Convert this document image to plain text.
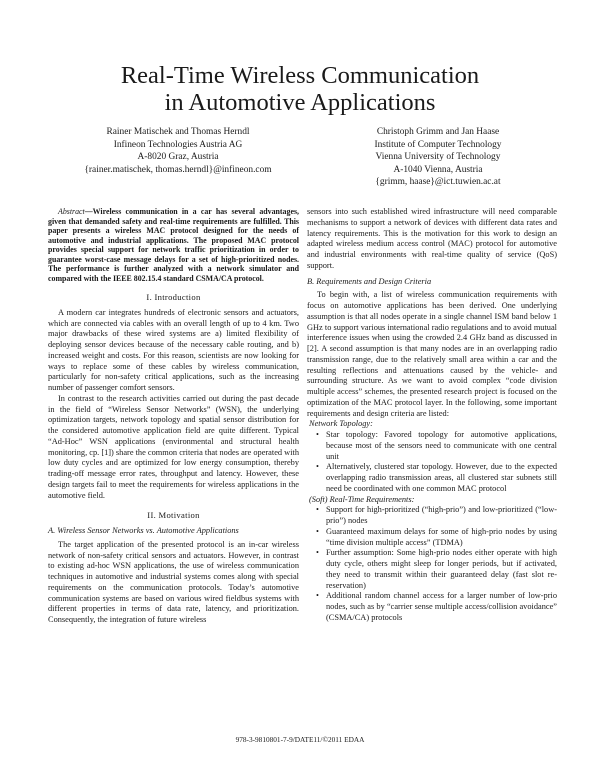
Real-Time Wireless Communication
in Automotive Applications
Rainer Matischek and Thomas Herndl
Infineon Technologies Austria AG
A-8020 Graz, Austria
{rainer.matischek, thomas.herndl}@infineon.com
Christoph Grimm and Jan Haase
Institute of Computer Technology
Vienna University of Technology
A-1040 Vienna, Austria
{grimm, haase}@ict.tuwien.ac.at

Abstract—Wireless communication in a car has several advantages, given that demanded safety and real-time requirements are fulfilled. This paper presents a wireless MAC protocol designed for the needs of automotive and industrial applications. The proposed MAC protocol provides special support for network traffic prioritization in order to guarantee worst-case message delays for a set of high-prioritized nodes. The performance is further analyzed with a network simulator and compared with the IEEE 802.15.4 standard CSMA/CA protocol.

I. Introduction

A modern car integrates hundreds of electronic sensors and actuators, which are connected via cables with an overall length of up to 4 km. Two major drawbacks of these wired systems are a) limited flexibility of deploying sensor devices because of the necessary cable routing, and b) increased weight and costs. For this reason, scientists are now looking for ways to replace some of these cables by wireless communication, particularly for non-safety critical applications, such as the increasing number of passenger comfort sensors.

In contrast to the research activities carried out during the past decade in the field of “Wireless Sensor Networks” (WSN), the underlying optimization targets, network topology and spatial sensor distribution for the considered automotive application field are quite different. Typical “Ad-Hoc” WSN applications (environmental and structural health monitoring, cp. [1]) share the common criteria that nodes are operated with low duty cycles and are optimized for low energy consumption, thereby trading-off message error rates, throughput and latency. However, these design targets fail to meet the requirements for wireless applications in the automotive field.

II. Motivation

A. Wireless Sensor Networks vs. Automotive Applications

The target application of the presented protocol is an in-car wireless network of non-safety critical sensors and actuators. However, in contrast to existing ad-hoc WSN applications, the use of wireless communication techniques in automotive and industrial systems comes along with special requirements on the communication protocols. Today’s automotive communication systems are based on various wired fieldbus systems with different properties in terms of data rate, latency, and prioritization. Consequently, the integration of future wireless

sensors into such established wired infrastructure will need comparable mechanisms to support a network of devices with different data rates and latency requirements. This is the motivation for this work to design an adapted wireless medium access control (MAC) protocol for automotive and industrial environments with real-time quality of service (QoS) support.

B. Requirements and Design Criteria

To begin with, a list of wireless communication requirements with focus on automotive applications has been derived. One underlying assumption is that all nodes operate in a single channel ISM band below 1 GHz to support various international radio regulations and to avoid mutual interference issues when using the crowded 2.4 GHz band as discussed in [2]. A second assumption is that many nodes are in an overlapping radio transmission range, due to the relatively small area within a car and the resulting reflections and attenuations caused by the vehicle- and surrounding structure. As we want to avoid complex “code division multiple access” schemes, the presented research project is focused on the optimization of the MAC protocol layer. In the following, some important requirements and design criteria are listed:

Network Topology:

• Star topology: Favored topology for automotive applications, because most of the sensors need to communicate with one central unit
• Alternatively, clustered star topology. However, due to the expected overlapping radio transmission areas, all clustered star subnets still need be coordinated with one common MAC protocol

(Soft) Real-Time Requirements:

• Support for high-prioritized (“high-prio”) and low-prioritized (“low-prio”) nodes
• Guaranteed maximum delays for some of high-prio nodes by using “time division multiple access” (TDMA)
• Further assumption: Some high-prio nodes either operate with high duty cycle, others might sleep for longer periods, but if activated, they need to transmit within their guaranteed delay (fast slot re-reservation)
• Additional random channel access for a larger number of low-prio nodes, such as by “carrier sense multiple access/collision avoidance” (CSMA/CA) protocols
978-3-9810801-7-9/DATE11/©2011 EDAA
